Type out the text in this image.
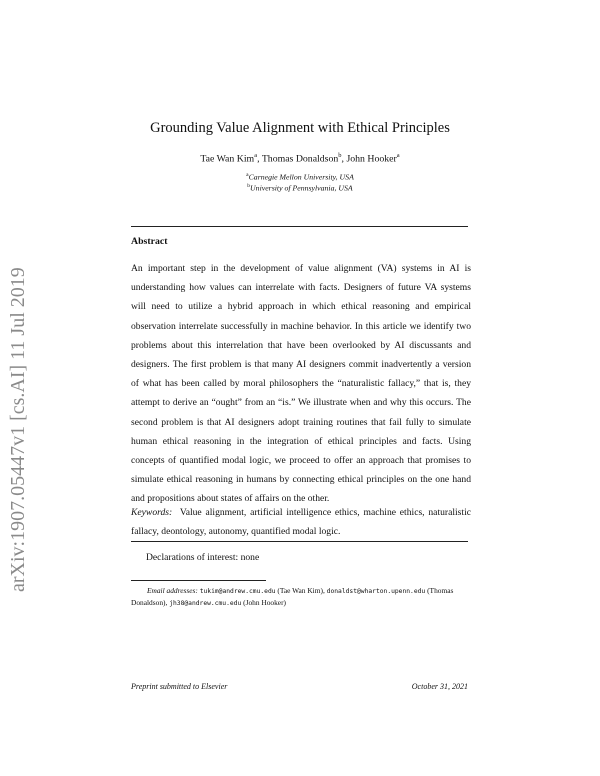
arXiv:1907.05447v1 [cs.AI] 11 Jul 2019
Grounding Value Alignment with Ethical Principles
Tae Wan Kim$^a$, Thomas Donaldson$^b$, John Hooker$^a$
$^a$Carnegie Mellon University, USA
$^b$University of Pennsylvania, USA
Abstract

An important step in the development of value alignment (VA) systems in AI is understanding how values can interrelate with facts. Designers of future VA systems will need to utilize a hybrid approach in which ethical reasoning and empirical observation interrelate successfully in machine behavior. In this article we identify two problems about this interrelation that have been overlooked by AI discussants and designers. The first problem is that many AI designers commit inadvertently a version of what has been called by moral philosophers the “naturalistic fallacy,” that is, they attempt to derive an “ought” from an “is.” We illustrate when and why this occurs. The second problem is that AI designers adopt training routines that fail fully to simulate human ethical reasoning in the integration of ethical principles and facts. Using concepts of quantified modal logic, we proceed to offer an approach that promises to simulate ethical reasoning in humans by connecting ethical principles on the one hand and propositions about states of affairs on the other.

Keywords: Value alignment, artificial intelligence ethics, machine ethics, naturalistic fallacy, deontology, autonomy, quantified modal logic.

Declarations of interest: none
Email addresses: tukim@andrew.cmu.edu (Tae Wan Kim), donaldst@wharton.upenn.edu (Thomas Donaldson), jh38@andrew.cmu.edu (John Hooker)
Preprint submitted to Elsevier	October 31, 2021
